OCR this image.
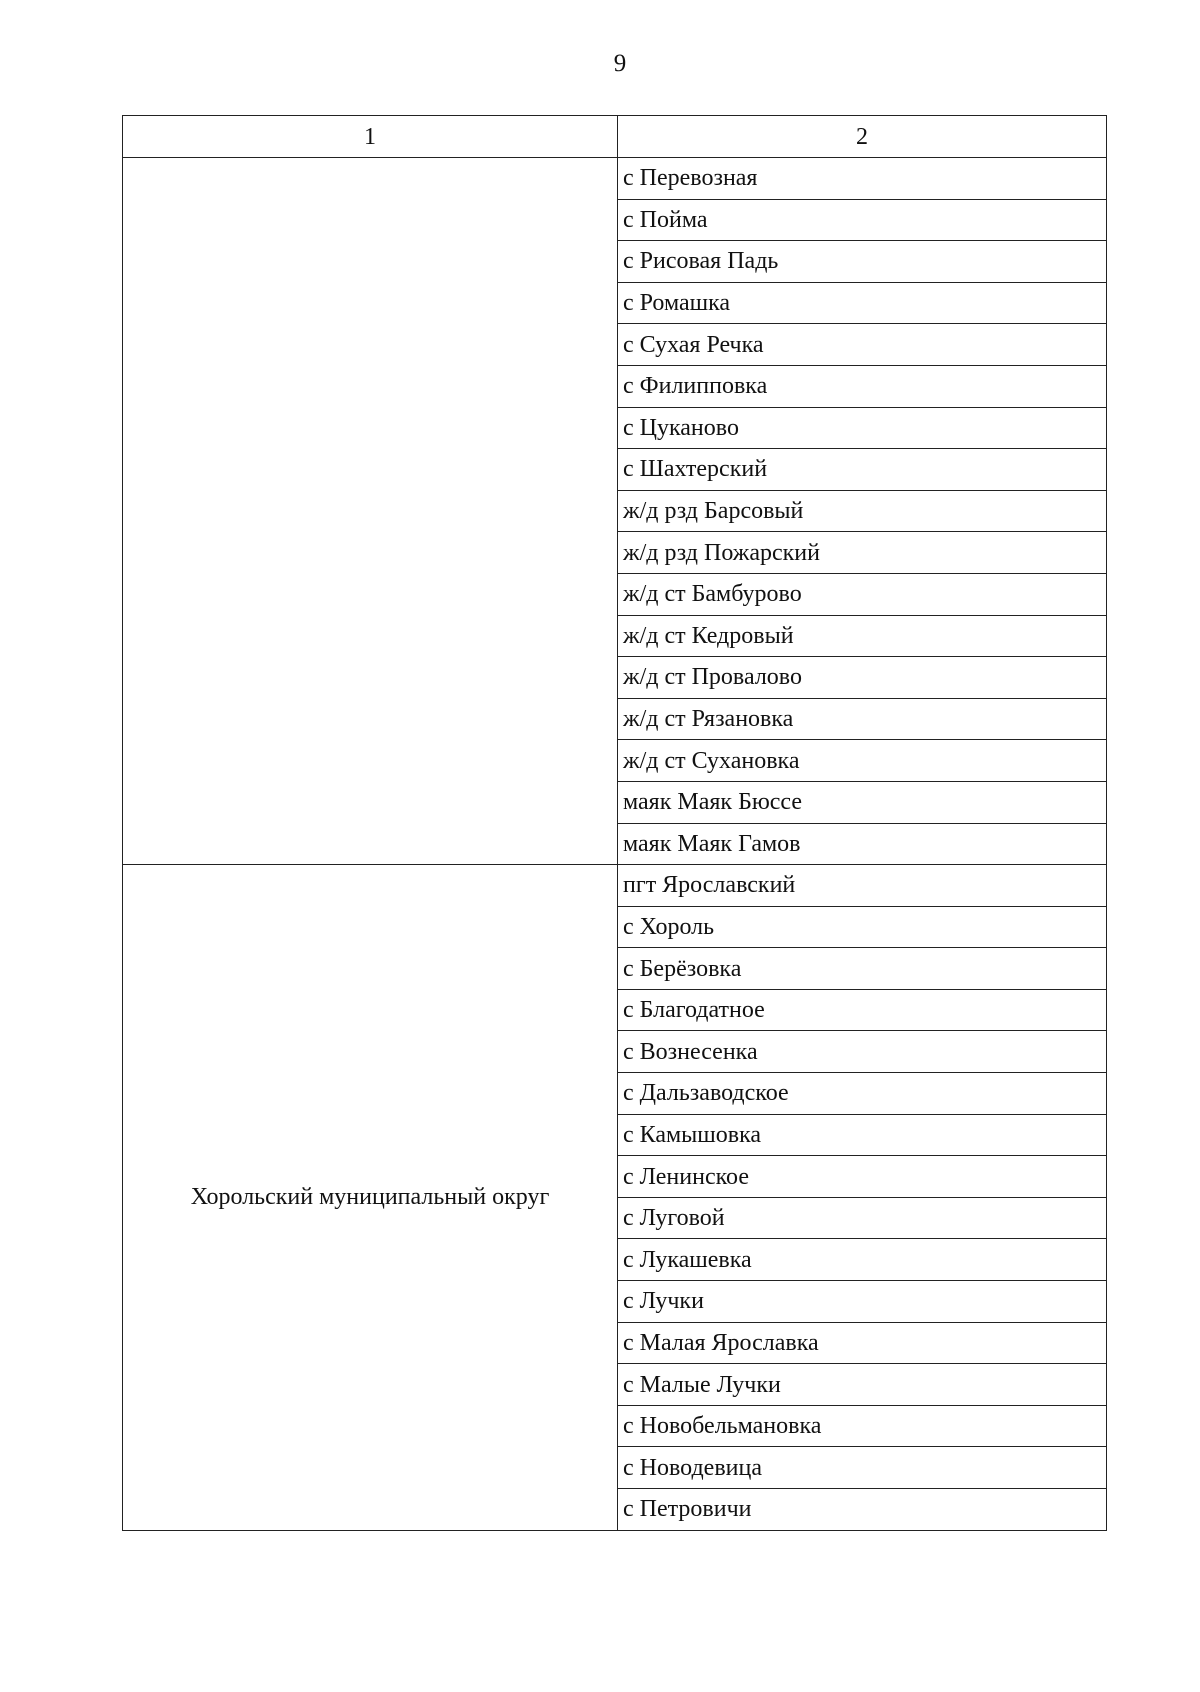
9
1	2
	с Перевозная
	с Пойма
	с Рисовая Падь
	с Ромашка
	с Сухая Речка
	с Филипповка
	с Цуканово
	с Шахтерский
	ж/д рзд Барсовый
	ж/д рзд Пожарский
	ж/д ст Бамбурово
	ж/д ст Кедровый
	ж/д ст Провалово
	ж/д ст Рязановка
	ж/д ст Сухановка
	маяк Маяк Бюссе
	маяк Маяк Гамов
Хорольский муниципальный округ	пгт Ярославский
	с Хороль
	с Берёзовка
	с Благодатное
	с Вознесенка
	с Дальзаводское
	с Камышовка
	с Ленинское
	с Луговой
	с Лукашевка
	с Лучки
	с Малая Ярославка
	с Малые Лучки
	с Новобельмановка
	с Новодевица
	с Петровичи
